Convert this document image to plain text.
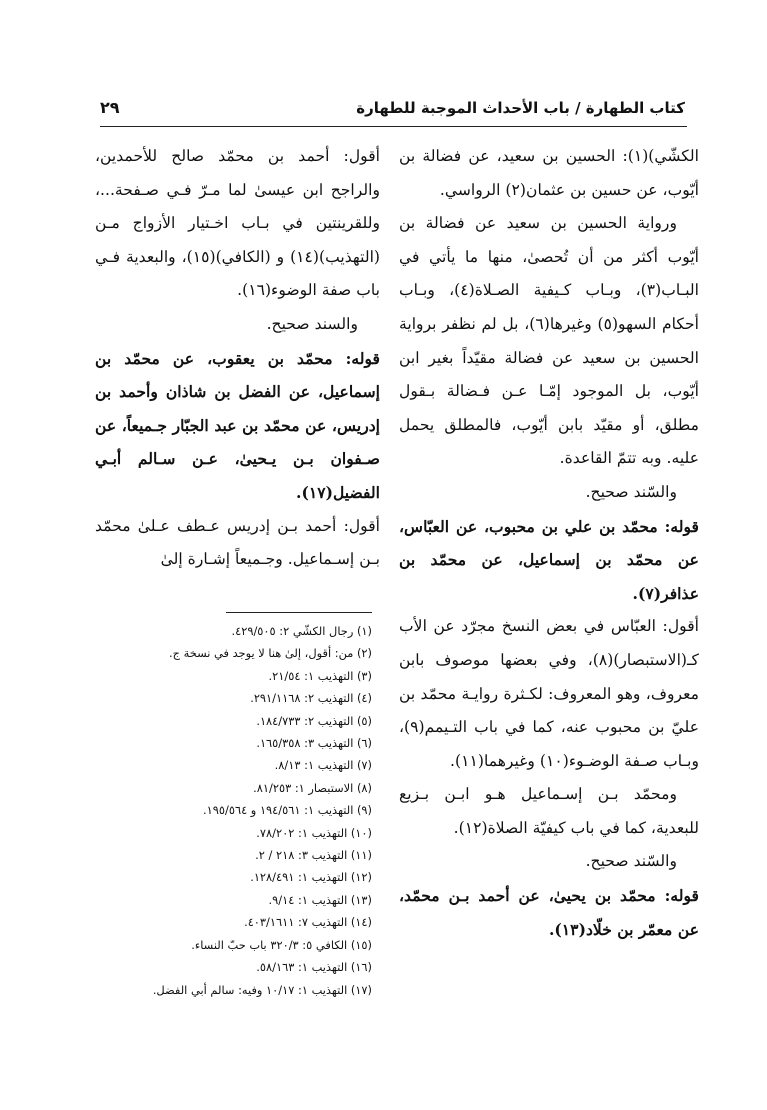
٢٩	كتاب الطهارة / باب الأحداث الموجبة للطهارة

الكشّي)(١): الحسين بن سعيد، عن فضالة بن أيّوب، عن حسين بن عثمان(٢) الرواسي.

ورواية الحسين بن سعيد عن فضالة بن أيّوب أكثر من أن تُحصىٰ، منها ما يأتي في البـاب(٣)، وبـاب كـيفية الصـلاة(٤)، وبـاب أحكام السهو(٥) وغيرها(٦)، بل لم نظفر برواية الحسين بن سعيد عن فضالة مقيّداً بغير ابن أيّوب، بل الموجود إمّـا عـن فـضالة بـقول مطلق، أو مقيّد بابن أيّوب، فالمطلق يحمل عليه. وبه تتمّ القاعدة.

والسّند صحيح.

قوله: محمّد بن علي بن محبوب، عن العبّاس، عن محمّد بن إسماعيل، عن محمّد بن عذافر(٧).

أقول: العبّاس في بعض النسخ مجرّد عن الأب كـ(الاستبصار)(٨)، وفي بعضها موصوف بابن معروف، وهو المعروف: لكـثرة روايـة محمّد بن عليّ بن محبوب عنه، كما في باب التـيمم(٩)، وبـاب صـفة الوضـوء(١٠) وغيرهما(١١).

ومحمّد بـن إسـماعيل هـو ابـن بـزيع للبعدية، كما في باب كيفيّة الصلاة(١٢).

والسّند صحيح.

قوله: محمّد بن يحيىٰ، عن أحمد بـن محمّد، عن معمّر بن خلّاد(١٣).

أقول: أحمد بن محمّد صالح للأحمدين، والراجح ابن عيسىٰ لما مـرّ فـي صـفحة...، وللقرينتين في بـاب اخـتيار الأزواج مـن (التهذيب)(١٤) و (الكافي)(١٥)، والبعدية فـي باب صفة الوضوء(١٦).

والسند صحيح.

قوله: محمّد بن يعقوب، عن محمّد بن إسماعيل، عن الفضل بن شاذان وأحمد بن إدريس، عن محمّد بن عبد الجبّار جـميعاً، عن صـفوان بـن يـحيىٰ، عـن سـالم أبـي الفضيل(١٧).

أقول: أحمد بـن إدريس عـطف عـلىٰ محمّد بـن إسـماعيل. وجـميعاً إشـارة إلىٰ

(١) رجال الكشّي ٢: ٤٢٩/٥٠٥.
(٢) من: أقول، إلىٰ هنا لا يوجد في نسخة ج.
(٣) التهذيب ١: ٢١/٥٤.
(٤) التهذيب ٢: ٢٩١/١١٦٨.
(٥) التهذيب ٢: ١٨٤/٧٣٣.
(٦) التهذيب ٣: ١٦٥/٣٥٨.
(٧) التهذيب ١: ٨/١٣.
(٨) الاستبصار ١: ٨١/٢٥٣.
(٩) التهذيب ١: ١٩٤/٥٦١ و ١٩٥/٥٦٤.
(١٠) التهذيب ١: ٧٨/٢٠٢.
(١١) التهذيب ٣: ٢١٨ / ٢.
(١٢) التهذيب ١: ١٢٨/٤٩١.
(١٣) التهذيب ١: ٩/١٤.
(١٤) التهذيب ٧: ٤٠٣/١٦١١.
(١٥) الكافي ٥: ٣٢٠/٣ باب حبّ النساء.
(١٦) التهذيب ١: ٥٨/١٦٣.
(١٧) التهذيب ١: ١٠/١٧ وفيه: سالم أبي الفضل.
